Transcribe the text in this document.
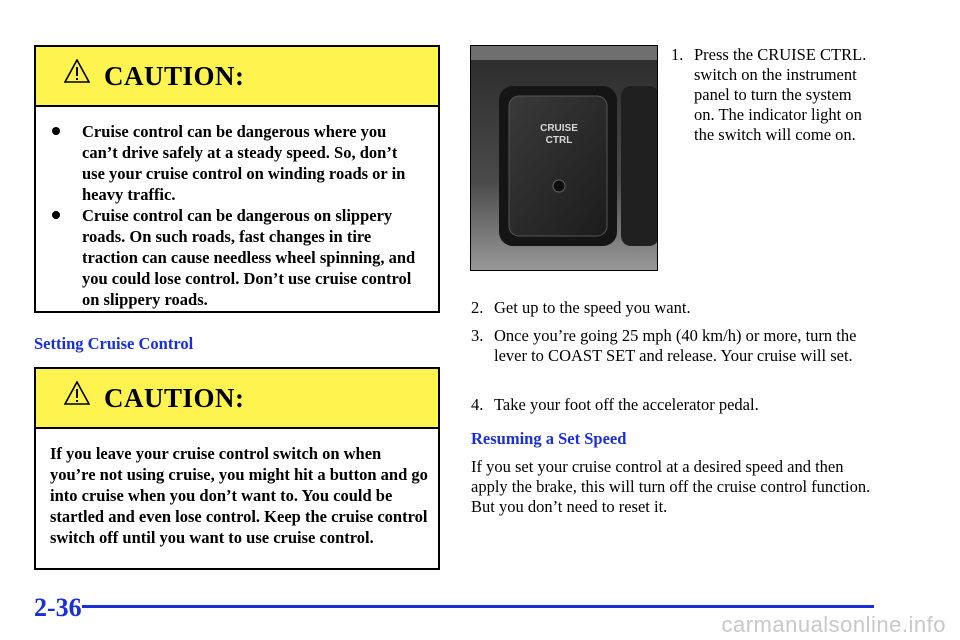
CAUTION:
Cruise control can be dangerous where you can’t drive safely at a steady speed. So, don’t use your cruise control on winding roads or in heavy traffic.
Cruise control can be dangerous on slippery roads. On such roads, fast changes in tire traction can cause needless wheel spinning, and you could lose control. Don’t use cruise control on slippery roads.
Setting Cruise Control
CAUTION:

If you leave your cruise control switch on when you’re not using cruise, you might hit a button and go into cruise when you don’t want to. You could be startled and even lose control. Keep the cruise control switch off until you want to use cruise control.

CRUISE
CTRL
1. Press the CRUISE CTRL. switch on the instrument panel to turn the system on. The indicator light on the switch will come on.
2. Get up to the speed you want.
3. Once you’re going 25 mph (40 km/h) or more, turn the lever to COAST SET and release. Your cruise will set.
4. Take your foot off the accelerator pedal.
Resuming a Set Speed
If you set your cruise control at a desired speed and then apply the brake, this will turn off the cruise control function. But you don’t need to reset it.
2-36
carmanualsonline.info
